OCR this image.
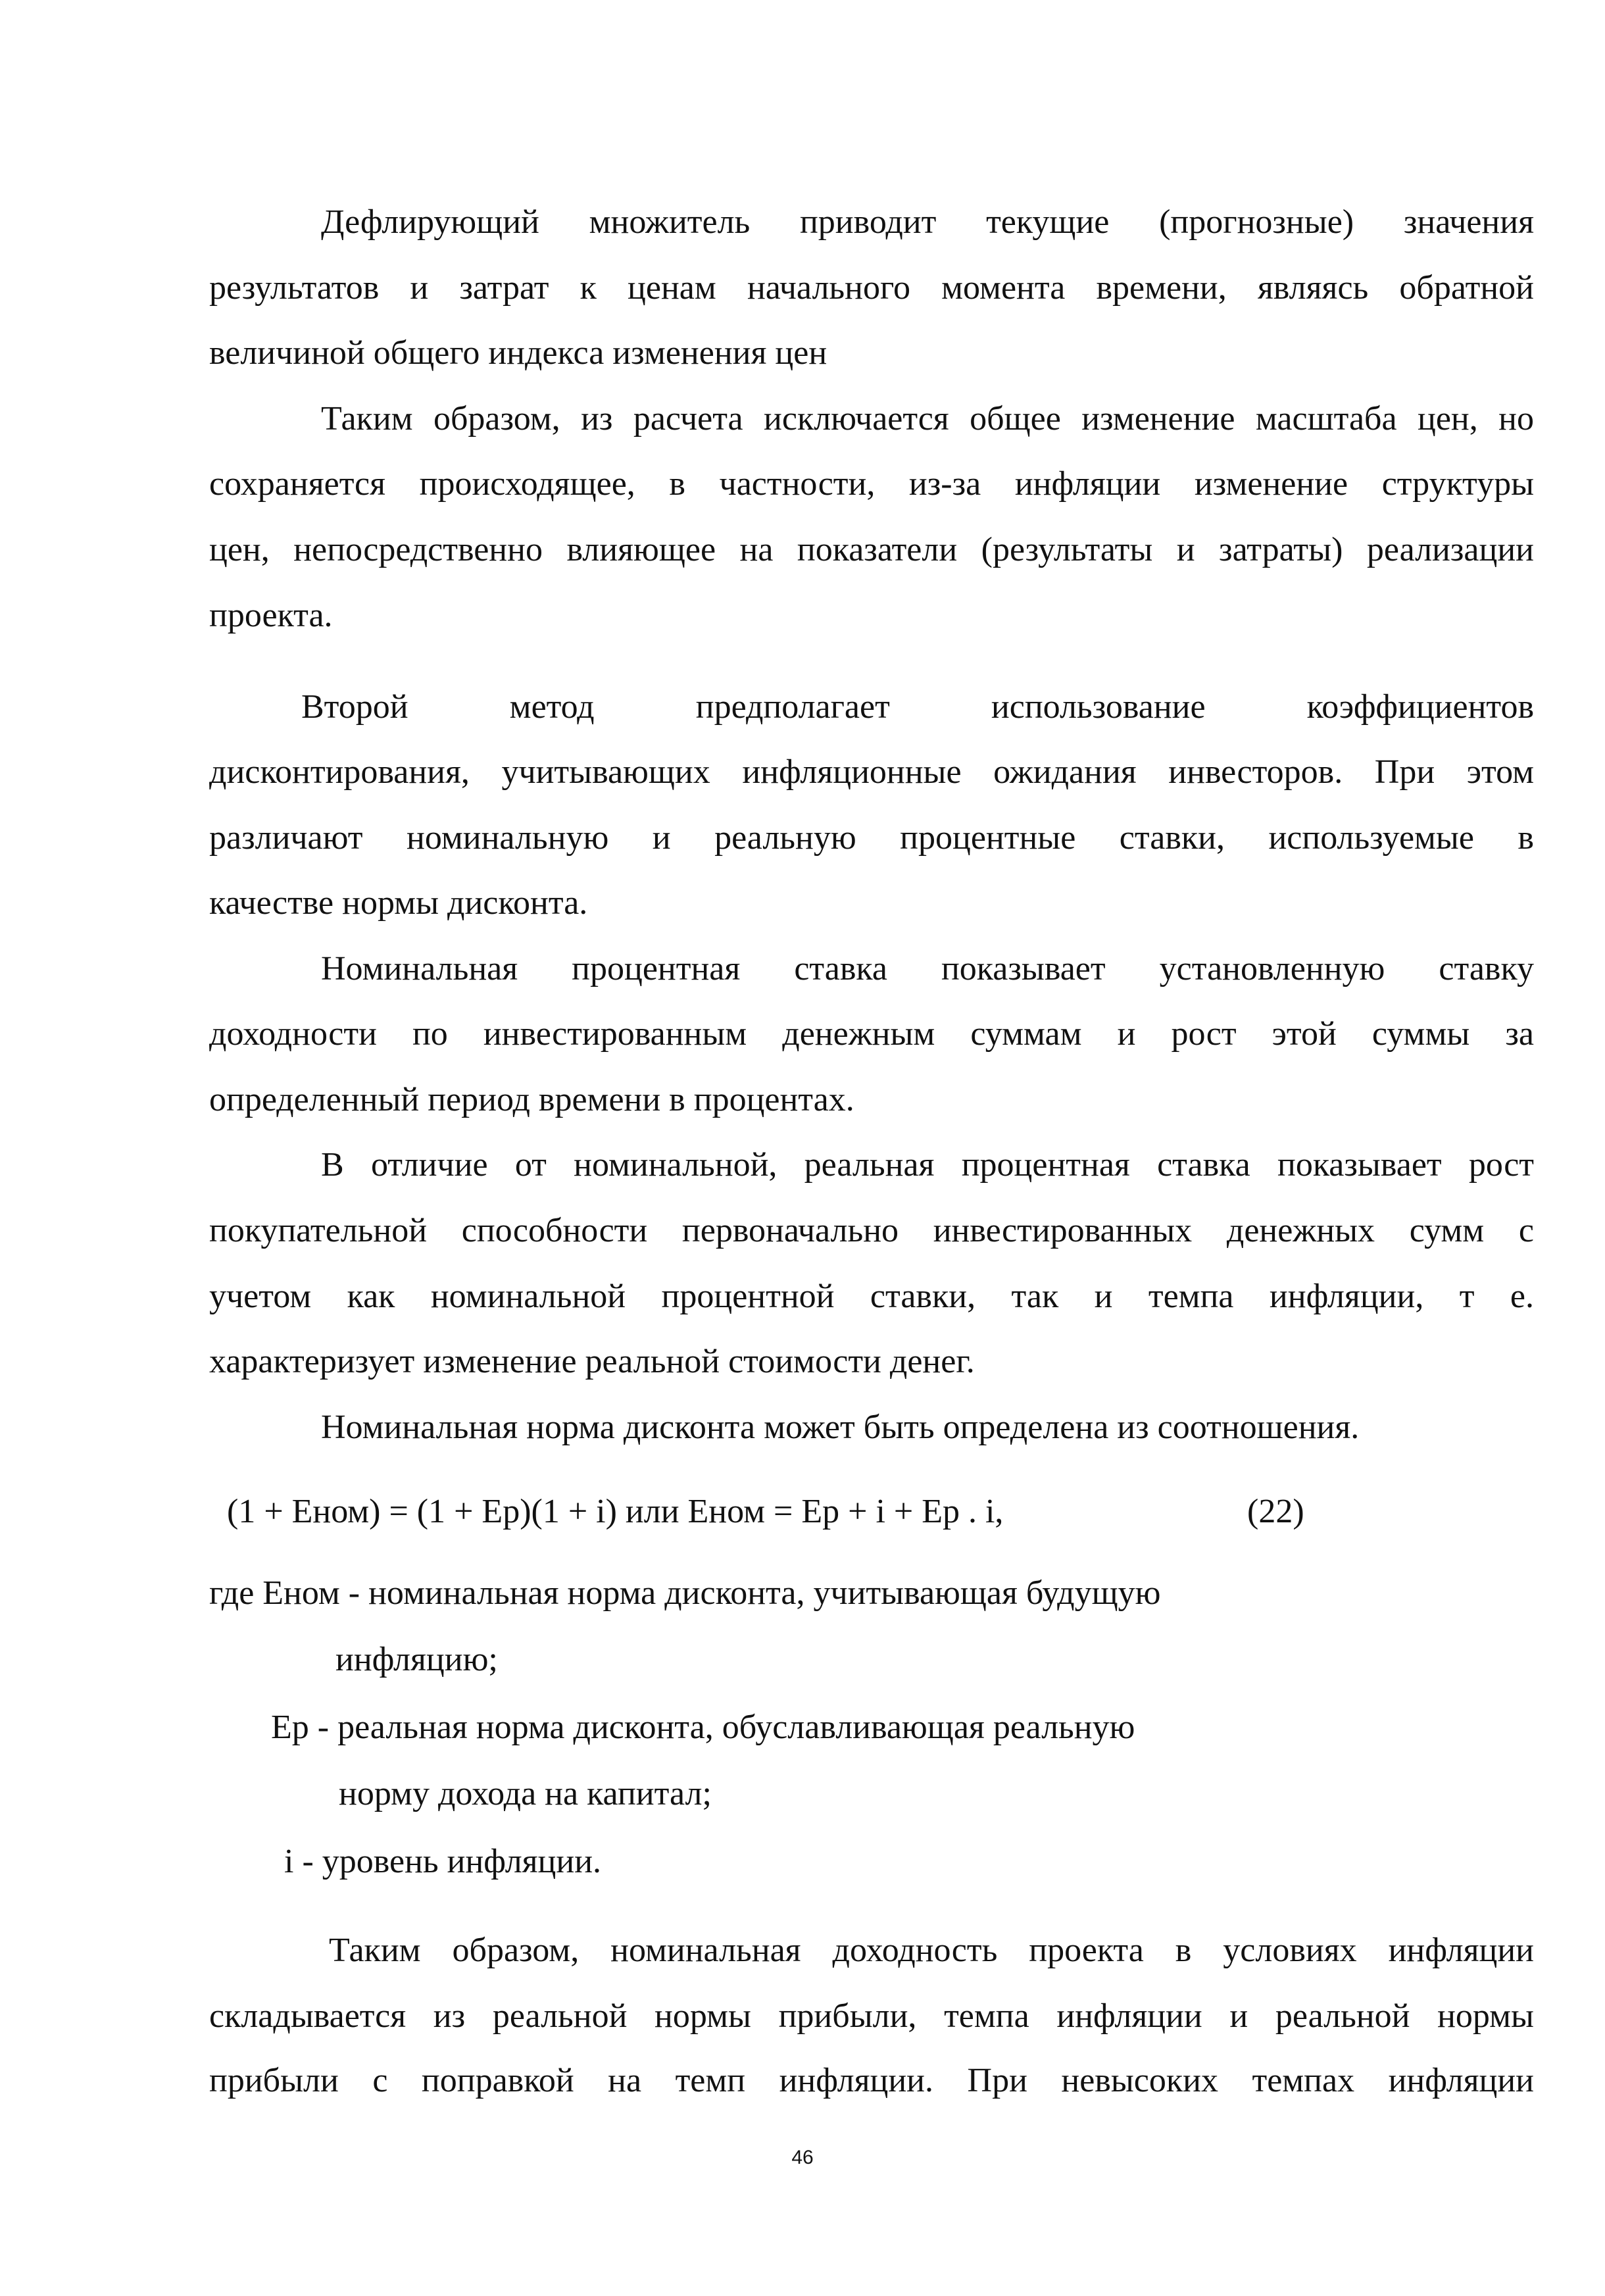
Дефлирующий множитель приводит текущие (прогнозные) значения
результатов и затрат к ценам начального момента времени, являясь обратной
величиной общего индекса изменения цен
Таким образом, из расчета исключается общее изменение масштаба цен, но
сохраняется происходящее, в частности, из-за инфляции изменение структуры
цен, непосредственно влияющее на показатели (результаты и затраты) реализации
проекта.
Второй метод предполагает использование коэффициентов
дисконтирования, учитывающих инфляционные ожидания инвесторов. При этом
различают номинальную и реальную процентные ставки, используемые в
качестве нормы дисконта.
Номинальная процентная ставка показывает установленную ставку
доходности по инвестированным денежным суммам и рост этой суммы за
определенный период времени в процентах.
В отличие от номинальной, реальная процентная ставка показывает рост
покупательной способности первоначально инвестированных денежных сумм с
учетом как номинальной процентной ставки, так и темпа инфляции, т е.
характеризует изменение реальной стоимости денег.
Номинальная норма дисконта может быть определена из соотношения.
(1 + Eном) = (1 + Ep)(1 + i) или Eном = Ep + i + Ep . i,	(22)
где Eном - номинальная норма дисконта, учитывающая будущую
инфляцию;
Ep - реальная норма дисконта, обуславливающая реальную
норму дохода на капитал;
i - уровень инфляции.
Таким образом, номинальная доходность проекта в условиях инфляции
складывается из реальной нормы прибыли, темпа инфляции и реальной нормы
прибыли с поправкой на темп инфляции. При невысоких темпах инфляции
46
